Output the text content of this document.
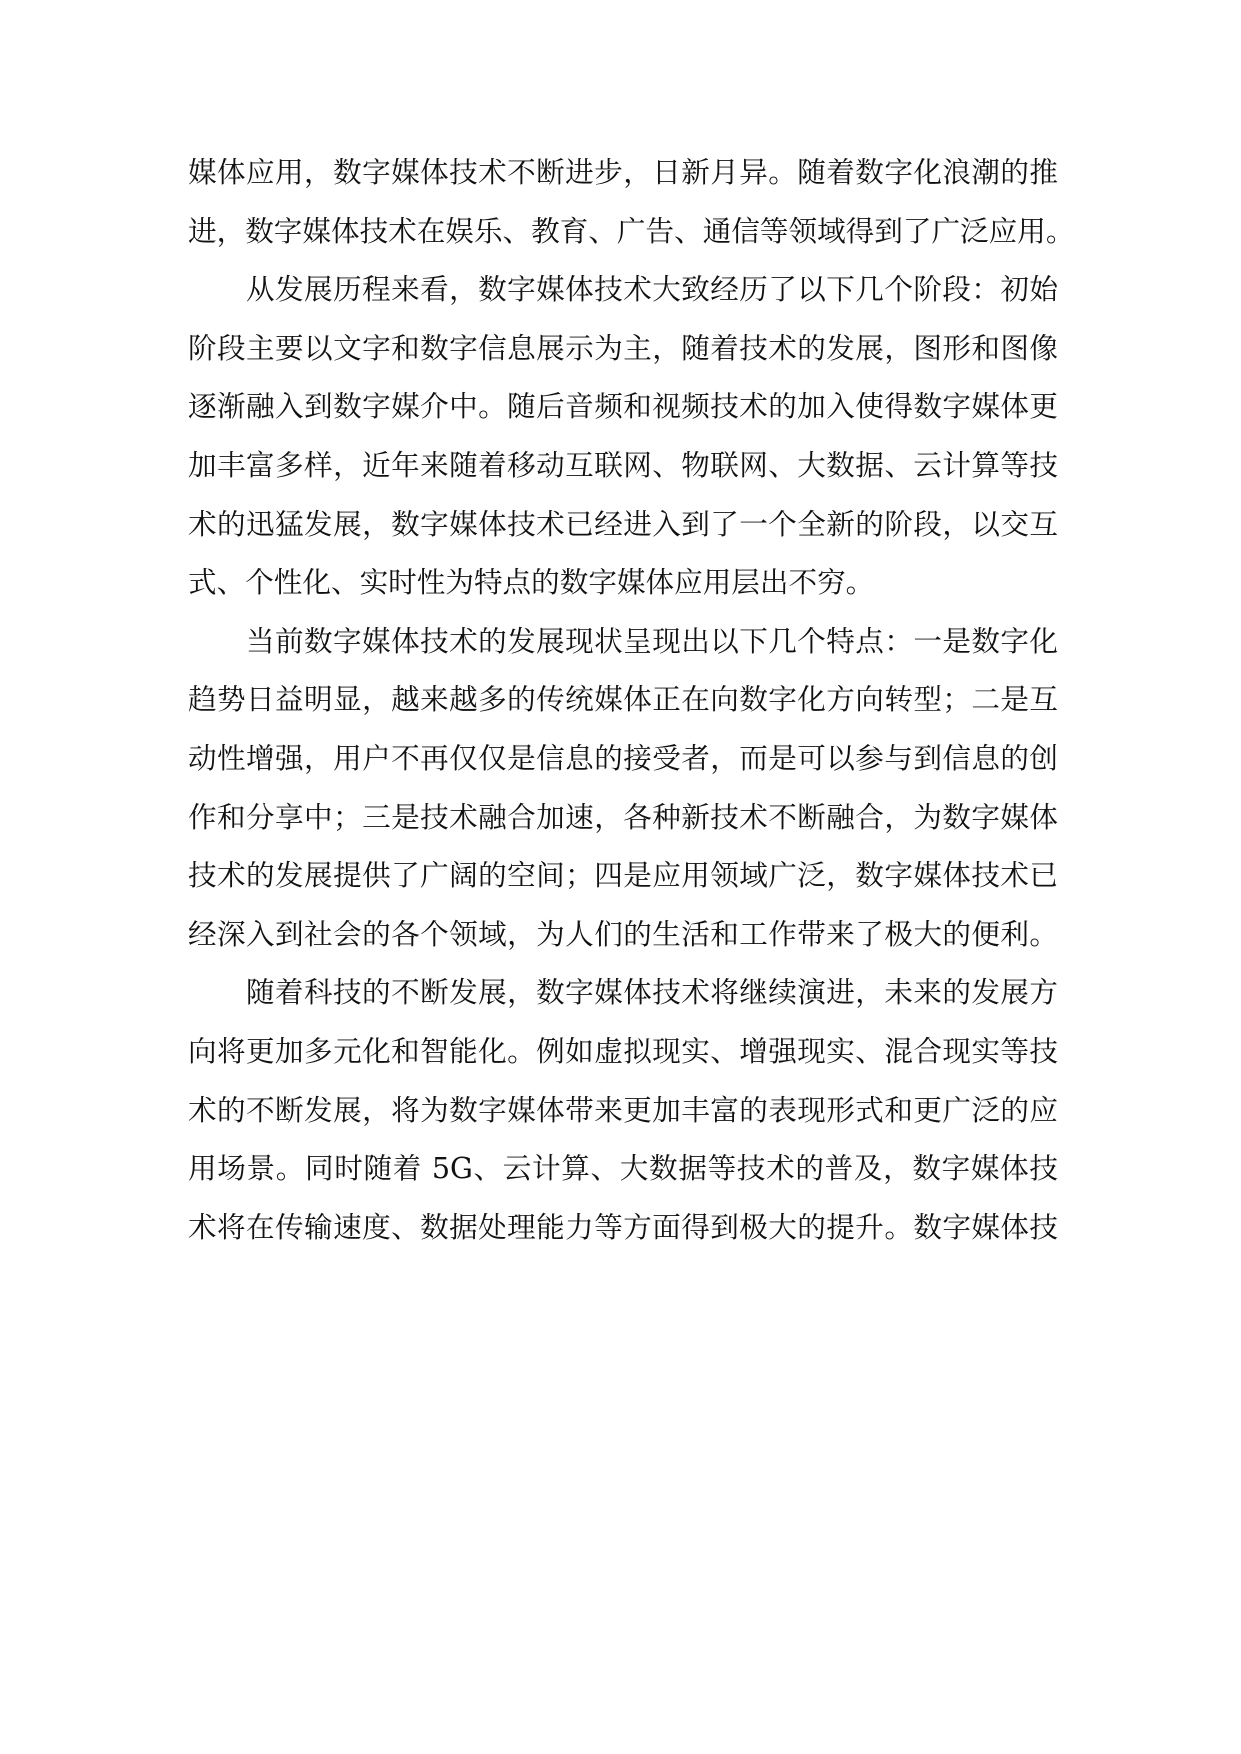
媒体应用，数字媒体技术不断进步，日新月异。随着数字化浪潮的推
进，数字媒体技术在娱乐、教育、广告、通信等领域得到了广泛应用。
从发展历程来看，数字媒体技术大致经历了以下几个阶段：初始
阶段主要以文字和数字信息展示为主，随着技术的发展，图形和图像
逐渐融入到数字媒介中。随后音频和视频技术的加入使得数字媒体更
加丰富多样，近年来随着移动互联网、物联网、大数据、云计算等技
术的迅猛发展，数字媒体技术已经进入到了一个全新的阶段，以交互
式、个性化、实时性为特点的数字媒体应用层出不穷。
当前数字媒体技术的发展现状呈现出以下几个特点：一是数字化
趋势日益明显，越来越多的传统媒体正在向数字化方向转型；二是互
动性增强，用户不再仅仅是信息的接受者，而是可以参与到信息的创
作和分享中；三是技术融合加速，各种新技术不断融合，为数字媒体
技术的发展提供了广阔的空间；四是应用领域广泛，数字媒体技术已
经深入到社会的各个领域，为人们的生活和工作带来了极大的便利。
随着科技的不断发展，数字媒体技术将继续演进，未来的发展方
向将更加多元化和智能化。例如虚拟现实、增强现实、混合现实等技
术的不断发展，将为数字媒体带来更加丰富的表现形式和更广泛的应
用场景。同时随着 5G、云计算、大数据等技术的普及，数字媒体技
术将在传输速度、数据处理能力等方面得到极大的提升。数字媒体技
